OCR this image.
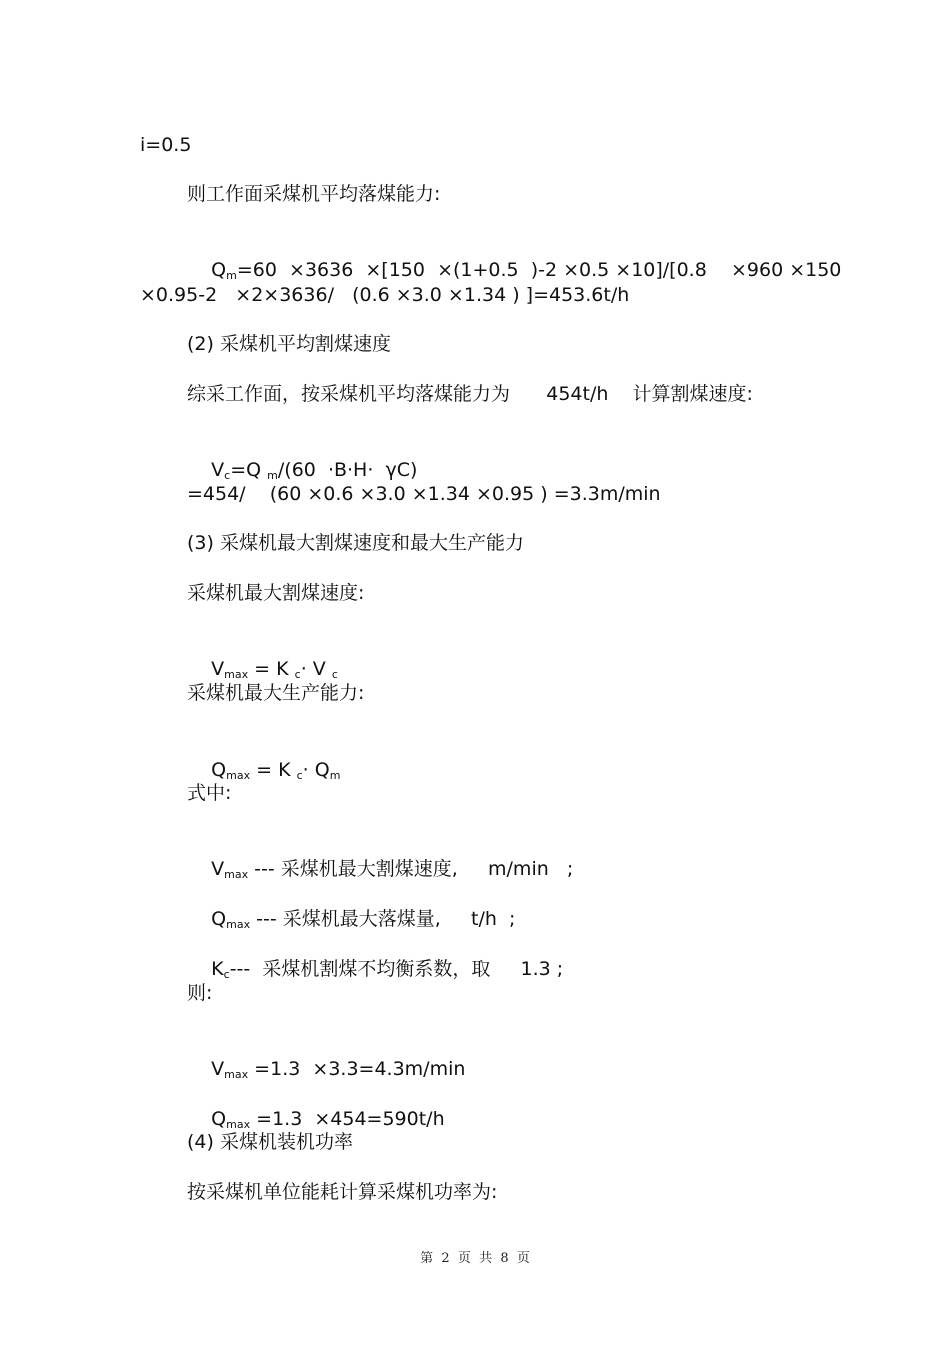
i=0.5
则工作面采煤机平均落煤能力:

Qm=60  ×3636  ×[150  ×(1+0.5  )-2 ×0.5 ×10]/[0.8    ×960 ×150

×0.95-2   ×2×3636/   (0.6 ×3.0 ×1.34 ) ]=453.6t/h
(2) 采煤机平均割煤速度
综采工作面，按采煤机平均落煤能力为      454t/h    计算割煤速度:

Vc=Q m/(60  ·B·H·  γC)

=454/    (60 ×0.6 ×3.0 ×1.34 ×0.95 ) =3.3m/min
(3) 采煤机最大割煤速度和最大生产能力
采煤机最大割煤速度:

Vmax = K c· V c

采煤机最大生产能力:

Qmax = K c· Qm

式中:

Vmax --- 采煤机最大割煤速度,     m/min   ;

Qmax --- 采煤机最大落煤量,     t/h  ;

Kc---  采煤机割煤不均衡系数，取     1.3 ;

则:

Vmax =1.3  ×3.3=4.3m/min

Qmax =1.3  ×454=590t/h

(4) 采煤机装机功率
按采煤机单位能耗计算采煤机功率为:
第  2  页  共  8  页
